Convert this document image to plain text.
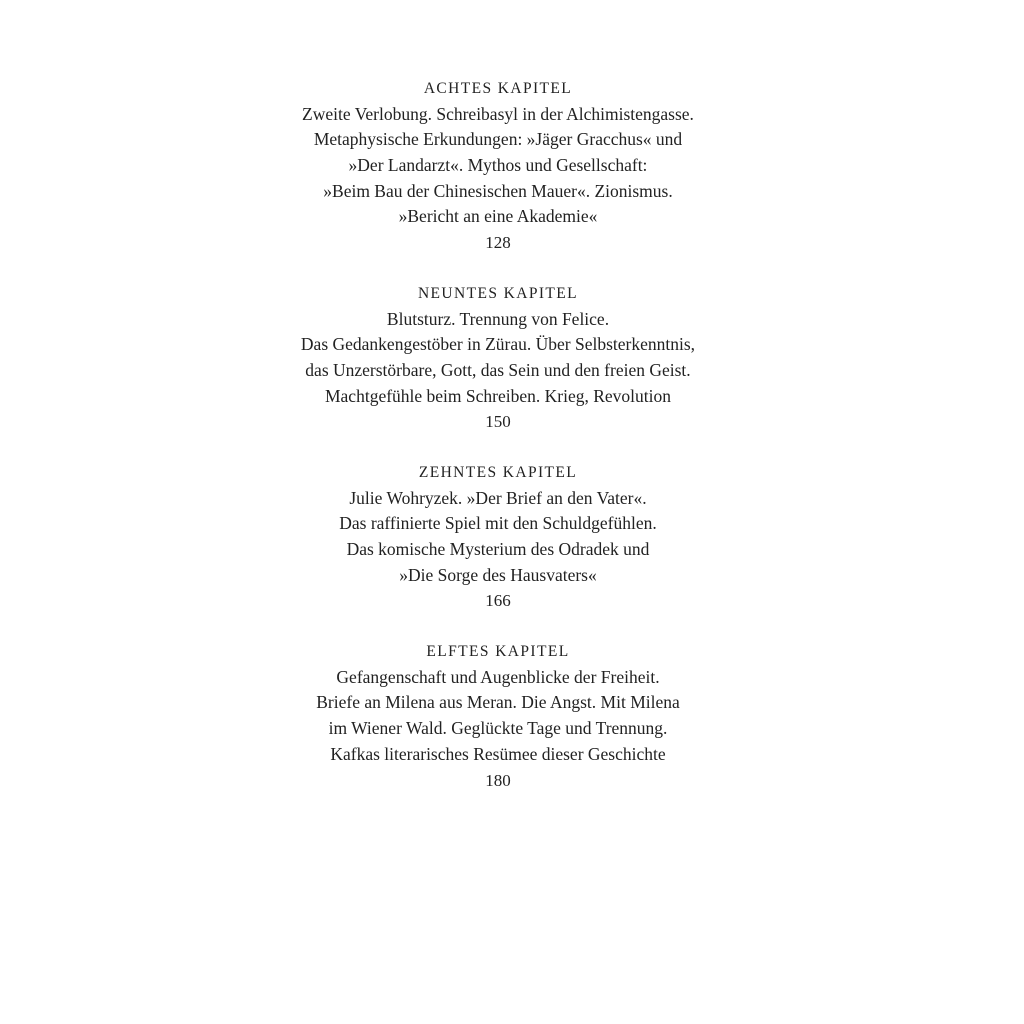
ACHTES KAPITEL
Zweite Verlobung. Schreibasyl in der Alchimistengasse.
Metaphysische Erkundungen: »Jäger Gracchus« und
»Der Landarzt«. Mythos und Gesellschaft:
»Beim Bau der Chinesischen Mauer«. Zionismus.
»Bericht an eine Akademie«
128
NEUNTES KAPITEL
Blutsturz. Trennung von Felice.
Das Gedankengestöber in Zürau. Über Selbsterkenntnis,
das Unzerstörbare, Gott, das Sein und den freien Geist.
Machtgefühle beim Schreiben. Krieg, Revolution
150
ZEHNTES KAPITEL
Julie Wohryzek. »Der Brief an den Vater«.
Das raffinierte Spiel mit den Schuldgefühlen.
Das komische Mysterium des Odradek und
»Die Sorge des Hausvaters«
166
ELFTES KAPITEL
Gefangenschaft und Augenblicke der Freiheit.
Briefe an Milena aus Meran. Die Angst. Mit Milena
im Wiener Wald. Geglückte Tage und Trennung.
Kafkas literarisches Resümee dieser Geschichte
180
